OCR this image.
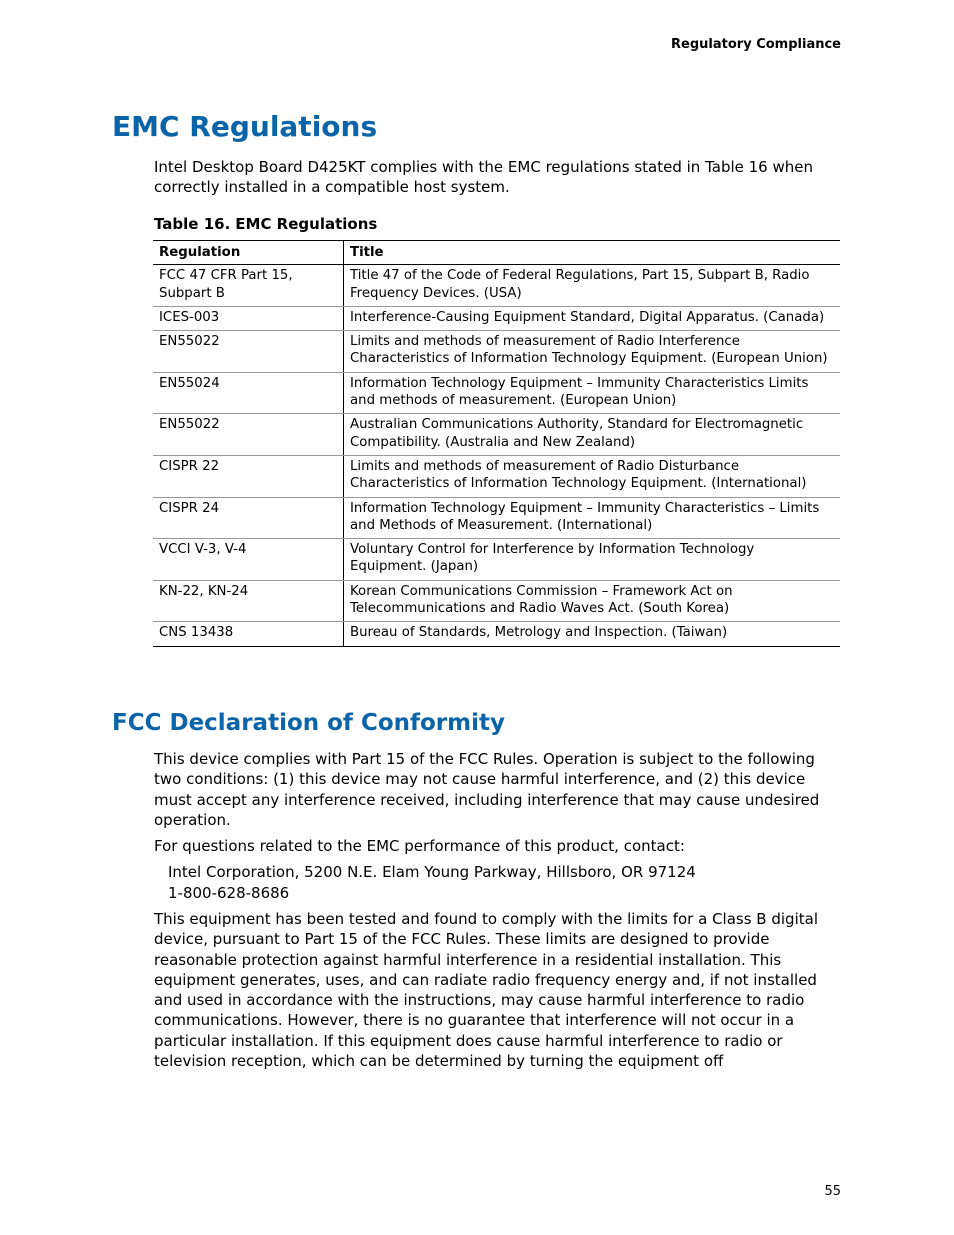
Regulatory Compliance
EMC Regulations

Intel Desktop Board D425KT complies with the EMC regulations stated in Table 16 when correctly installed in a compatible host system.

Table 16. EMC Regulations
Regulation	Title
FCC 47 CFR Part 15, Subpart B	Title 47 of the Code of Federal Regulations, Part 15, Subpart B, Radio Frequency Devices. (USA)
ICES-003	Interference-Causing Equipment Standard, Digital Apparatus. (Canada)
EN55022	Limits and methods of measurement of Radio Interference Characteristics of Information Technology Equipment. (European Union)
EN55024	Information Technology Equipment – Immunity Characteristics Limits and methods of measurement. (European Union)
EN55022	Australian Communications Authority, Standard for Electromagnetic Compatibility. (Australia and New Zealand)
CISPR 22	Limits and methods of measurement of Radio Disturbance Characteristics of Information Technology Equipment. (International)
CISPR 24	Information Technology Equipment – Immunity Characteristics – Limits and Methods of Measurement. (International)
VCCI V-3, V-4	Voluntary Control for Interference by Information Technology Equipment. (Japan)
KN-22, KN-24	Korean Communications Commission – Framework Act on Telecommunications and Radio Waves Act. (South Korea)
CNS 13438	Bureau of Standards, Metrology and Inspection. (Taiwan)
FCC Declaration of Conformity

This device complies with Part 15 of the FCC Rules. Operation is subject to the following two conditions: (1) this device may not cause harmful interference, and (2) this device must accept any interference received, including interference that may cause undesired operation.

For questions related to the EMC performance of this product, contact:

Intel Corporation, 5200 N.E. Elam Young Parkway, Hillsboro, OR 97124
1-800-628-8686

This equipment has been tested and found to comply with the limits for a Class B digital device, pursuant to Part 15 of the FCC Rules. These limits are designed to provide reasonable protection against harmful interference in a residential installation. This equipment generates, uses, and can radiate radio frequency energy and, if not installed and used in accordance with the instructions, may cause harmful interference to radio communications. However, there is no guarantee that interference will not occur in a particular installation. If this equipment does cause harmful interference to radio or television reception, which can be determined by turning the equipment off

55
